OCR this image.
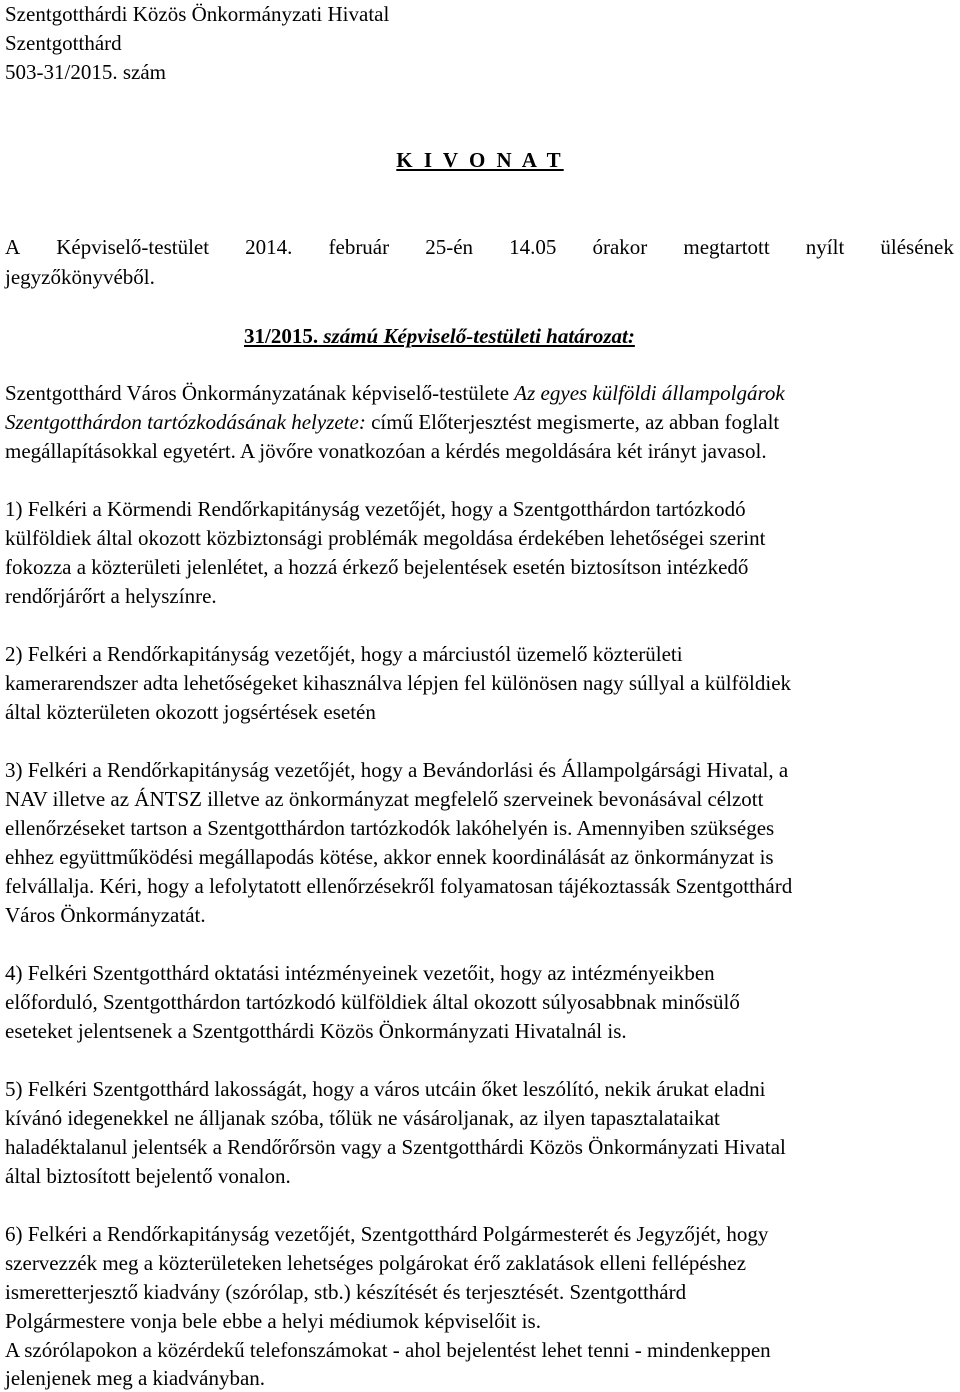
Szentgotthárdi Közös Önkormányzati Hivatal
Szentgotthárd
503-31/2015. szám
K I V O N A T
A Képviselő-testület 2014. február 25-én 14.05 órakor megtartott nyílt ülésének
jegyzőkönyvéből.
31/2015. számú Képviselő-testületi határozat:
Szentgotthárd Város Önkormányzatának képviselő-testülete Az egyes külföldi állampolgárok
Szentgotthárdon tartózkodásának helyzete: című Előterjesztést megismerte, az abban foglalt
megállapításokkal egyetért. A jövőre vonatkozóan a kérdés megoldására két irányt javasol.
1) Felkéri a Körmendi Rendőrkapitányság vezetőjét, hogy a Szentgotthárdon tartózkodó
külföldiek által okozott közbiztonsági problémák megoldása érdekében lehetőségei szerint
fokozza a közterületi jelenlétet, a hozzá érkező bejelentések esetén biztosítson intézkedő
rendőrjárőrt a helyszínre.
2) Felkéri a Rendőrkapitányság vezetőjét, hogy a márciustól üzemelő közterületi
kamerarendszer adta lehetőségeket kihasználva lépjen fel különösen nagy súllyal a külföldiek
által közterületen okozott jogsértések esetén
3) Felkéri a Rendőrkapitányság vezetőjét, hogy a Bevándorlási és Állampolgársági Hivatal, a
NAV illetve az ÁNTSZ illetve az önkormányzat megfelelő szerveinek bevonásával célzott
ellenőrzéseket tartson a Szentgotthárdon tartózkodók lakóhelyén is. Amennyiben szükséges
ehhez együttműködési megállapodás kötése, akkor ennek koordinálását az önkormányzat is
felvállalja. Kéri, hogy a lefolytatott ellenőrzésekről folyamatosan tájékoztassák Szentgotthárd
Város Önkormányzatát.
4) Felkéri Szentgotthárd oktatási intézményeinek vezetőit, hogy az intézményeikben
előforduló, Szentgotthárdon tartózkodó külföldiek által okozott súlyosabbnak minősülő
eseteket jelentsenek a Szentgotthárdi Közös Önkormányzati Hivatalnál is.
5) Felkéri Szentgotthárd lakosságát, hogy a város utcáin őket leszólító, nekik árukat eladni
kívánó idegenekkel ne álljanak szóba, tőlük ne vásároljanak, az ilyen tapasztalataikat
haladéktalanul jelentsék a Rendőrőrsön vagy a Szentgotthárdi Közös Önkormányzati Hivatal
által biztosított bejelentő vonalon.
6) Felkéri a Rendőrkapitányság vezetőjét, Szentgotthárd Polgármesterét és Jegyzőjét, hogy
szervezzék meg a közterületeken lehetséges polgárokat érő zaklatások elleni fellépéshez
ismeretterjesztő kiadvány (szórólap, stb.) készítését és terjesztését. Szentgotthárd
Polgármestere vonja bele ebbe a helyi médiumok képviselőit is.
A szórólapokon a közérdekű telefonszámokat - ahol bejelentést lehet tenni - mindenkeppen
jelenjenek meg a kiadványban.
